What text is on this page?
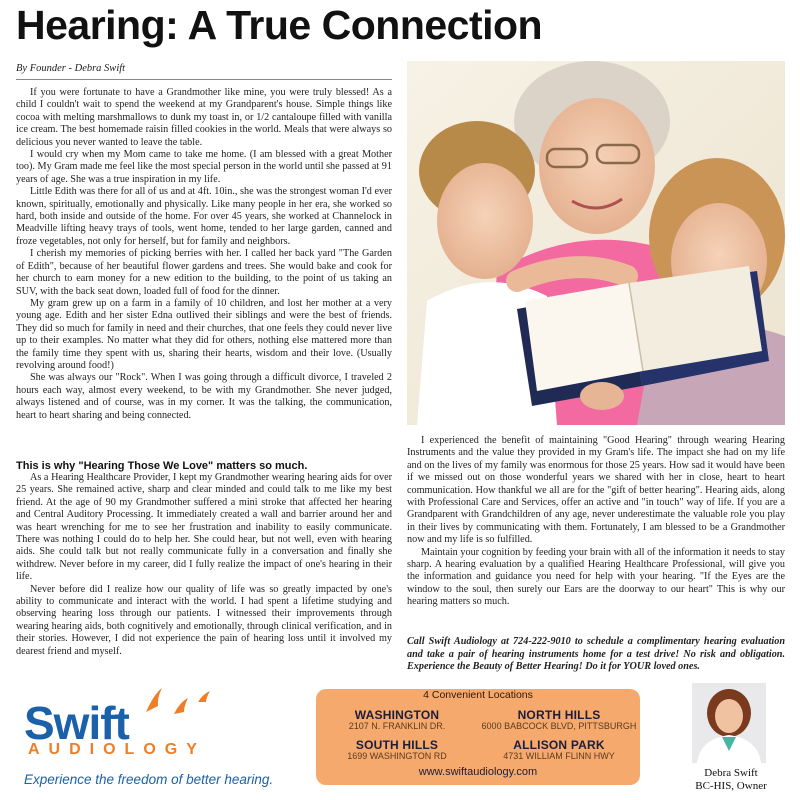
Hearing: A True Connection
By Founder - Debra Swift

If you were fortunate to have a Grandmother like mine, you were truly blessed! As a child I couldn't wait to spend the weekend at my Grandparent's house. Simple things like cocoa with melting marshmallows to dunk my toast in, or 1/2 cantaloupe filled with vanilla ice cream. The best homemade raisin filled cookies in the world. Meals that were always so delicious you never wanted to leave the table.

I would cry when my Mom came to take me home. (I am blessed with a great Mother too). My Gram made me feel like the most special person in the world until she passed at 91 years of age. She was a true inspiration in my life.

Little Edith was there for all of us and at 4ft. 10in., she was the strongest woman I'd ever known, spiritually, emotionally and physically. Like many people in her era, she worked so hard, both inside and outside of the home. For over 45 years, she worked at Channelock in Meadville lifting heavy trays of tools, went home, tended to her large garden, canned and froze vegetables, not only for herself, but for family and neighbors.

I cherish my memories of picking berries with her. I called her back yard "The Garden of Edith", because of her beautiful flower gardens and trees. She would bake and cook for her church to earn money for a new edition to the building, to the point of us taking an SUV, with the back seat down, loaded full of food for the dinner.

My gram grew up on a farm in a family of 10 children, and lost her mother at a very young age. Edith and her sister Edna outlived their siblings and were the best of friends. They did so much for family in need and their churches, that one feels they could never live up to their examples. No matter what they did for others, nothing else mattered more than the family time they spent with us, sharing their hearts, wisdom and their love. (Usually revolving around food!)

She was always our "Rock". When I was going through a difficult divorce, I traveled 2 hours each way, almost every weekend, to be with my Grandmother. She never judged, always listened and of course, was in my corner. It was the talking, the communication, heart to heart sharing and being connected.

This is why "Hearing Those We Love" matters so much.

As a Hearing Healthcare Provider, I kept my Grandmother wearing hearing aids for over 25 years. She remained active, sharp and clear minded and could talk to me like my best friend. At the age of 90 my Grandmother suffered a mini stroke that affected her hearing and Central Auditory Processing. It immediately created a wall and barrier around her and was heart wrenching for me to see her frustration and inability to easily communicate. There was nothing I could do to help her. She could hear, but not well, even with hearing aids. She could talk but not really communicate fully in a conversation and finally she withdrew. Never before in my career, did I fully realize the impact of one's hearing in their life.

Never before did I realize how our quality of life was so greatly impacted by one's ability to communicate and interact with the world. I had spent a lifetime studying and observing hearing loss through our patients. I witnessed their improvements through wearing hearing aids, both cognitively and emotionally, through clinical verification, and in their stories. However, I did not experience the pain of hearing loss until it involved my dearest friend and myself.

I experienced the benefit of maintaining "Good Hearing" through wearing Hearing Instruments and the value they provided in my Gram's life. The impact she had on my life and on the lives of my family was enormous for those 25 years. How sad it would have been if we missed out on those wonderful years we shared with her in close, heart to heart communication. How thankful we all are for the "gift of better hearing". Hearing aids, along with Professional Care and Services, offer an active and "in touch" way of life. If you are a Grandparent with Grandchildren of any age, never underestimate the valuable role you play in their lives by communicating with them. Fortunately, I am blessed to be a Grandmother now and my life is so fulfilled.

Maintain your cognition by feeding your brain with all of the information it needs to stay sharp. A hearing evaluation by a qualified Hearing Healthcare Professional, will give you the information and guidance you need for help with your hearing. "If the Eyes are the window to the soul, then surely our Ears are the doorway to our heart" This is why our hearing matters so much.

Call Swift Audiology at 724-222-9010 to schedule a complimentary hearing evaluation and take a pair of hearing instruments home for a test drive! No risk and obligation. Experience the Beauty of Better Hearing! Do it for YOUR loved ones.
Swift
AUDIOLOGY
Experience the freedom of better hearing.
4 Convenient Locations
WASHINGTON
2107 N. FRANKLIN DR.
NORTH HILLS
6000 BABCOCK BLVD, PITTSBURGH
SOUTH HILLS
1699 WASHINGTON RD
ALLISON PARK
4731 WILLIAM FLINN HWY
www.swiftaudiology.com	Debra Swift
BC-HIS, Owner
